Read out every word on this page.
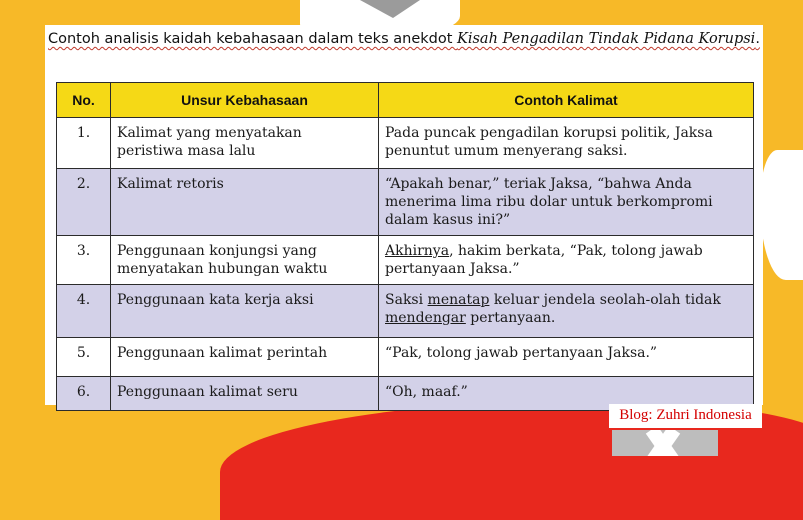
Contoh analisis kaidah kebahasaan dalam teks anekdot Kisah Pengadilan Tindak Pidana Korupsi.
No.	Unsur Kebahasaan	Contoh Kalimat
1.	Kalimat yang menyatakan peristiwa masa lalu	Pada puncak pengadilan korupsi politik, Jaksa penuntut umum menyerang saksi.
2.	Kalimat retoris	“Apakah benar,” teriak Jaksa, “bahwa Anda menerima lima ribu dolar untuk berkompromi dalam kasus ini?”
3.	Penggunaan konjungsi yang menyatakan hubungan waktu	Akhirnya, hakim berkata, “Pak, tolong jawab pertanyaan Jaksa.”
4.	Penggunaan kata kerja aksi	Saksi menatap keluar jendela seolah-olah tidak mendengar pertanyaan.
5.	Penggunaan kalimat perintah	“Pak, tolong jawab pertanyaan Jaksa.”
6.	Penggunaan kalimat seru	“Oh, maaf.”
Blog: Zuhri Indonesia
